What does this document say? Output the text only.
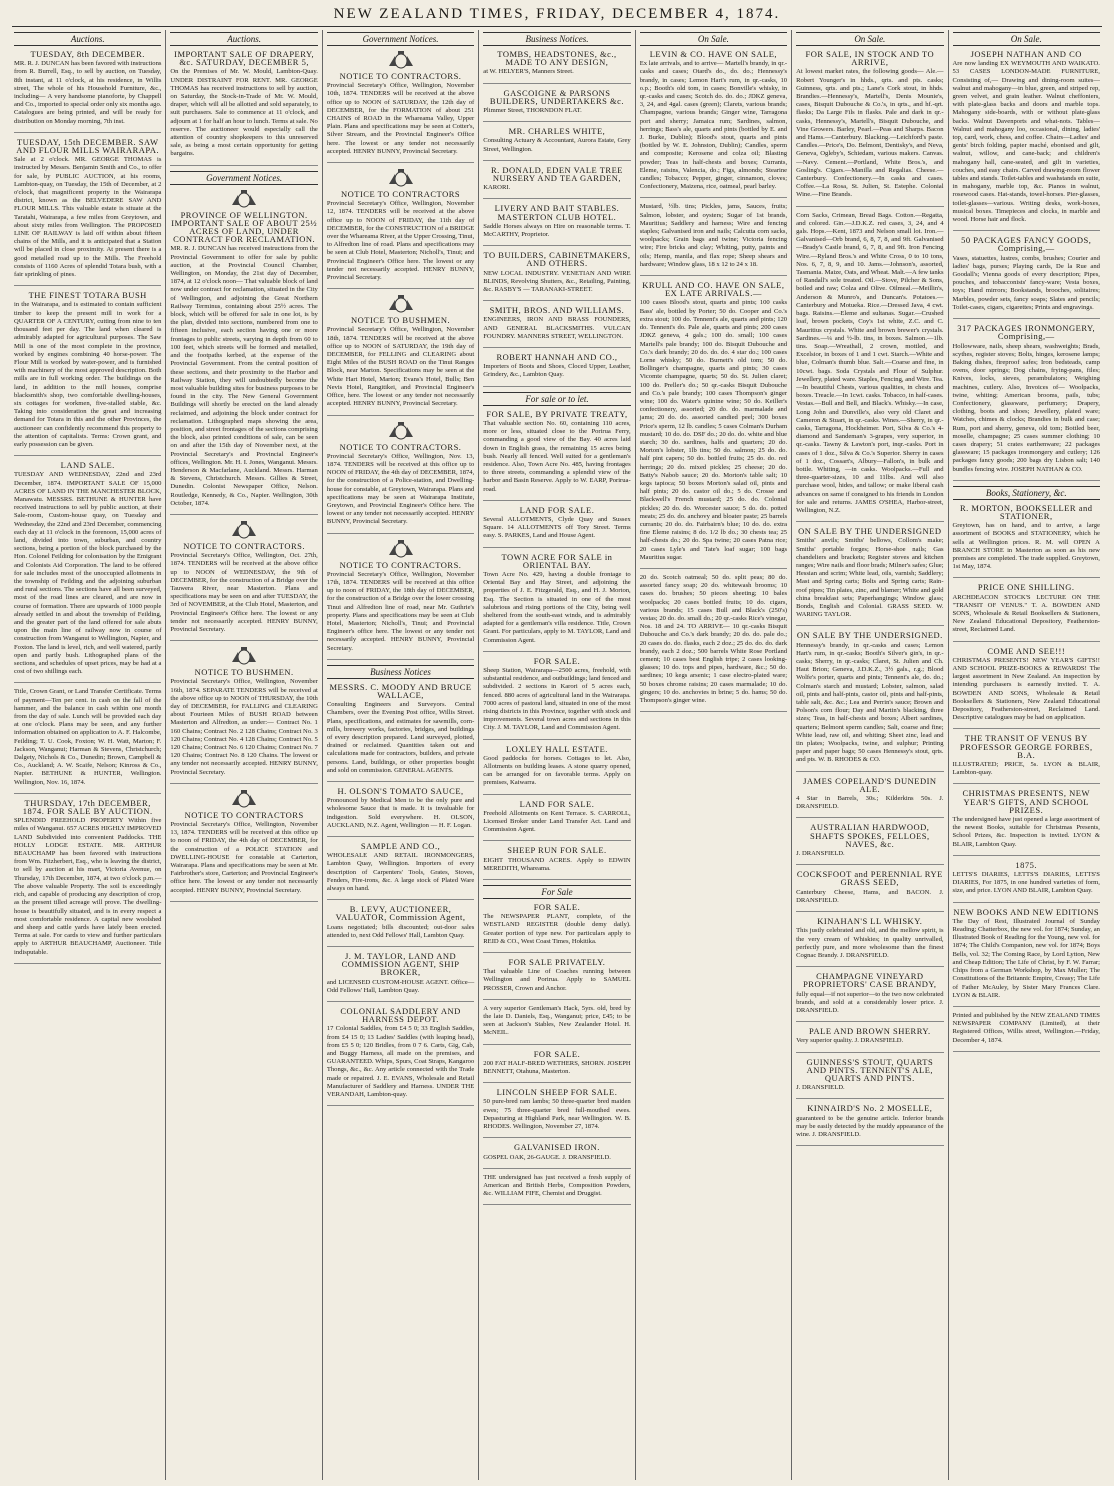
NEW ZEALAND TIMES, FRIDAY, DECEMBER 4, 1874.
Auctions.
TUESDAY, 8th DECEMBER.

MR. R. J. DUNCAN has been favored with instructions from R. Burrell, Esq., to sell by auction, on Tuesday, 8th instant, at 11 o'clock, at his residence, in Willis street, The whole of his Household Furniture, &c., including— A very handsome pianoforte, by Chappell and Co., imported to special order only six months ago. Catalogues are being printed, and will be ready for distribution on Monday morning, 7th inst.

TUESDAY, 15th DECEMBER. SAW AND FLOUR MILLS WAIRARAPA.

Sale at 2 o'clock. MR. GEORGE THOMAS is instructed by Messrs. Benjamin Smith and Co., to offer for sale, by PUBLIC AUCTION, at his rooms, Lambton-quay, on Tuesday, the 15th of December, at 2 o'clock, that magnificent property in the Wairarapa district, known as the BELVEDERE SAW AND FLOUR MILLS. This valuable estate is situate at the Taratahi, Wairarapa, a few miles from Greytown, and about sixty miles from Wellington. The PROPOSED LINE OF RAILWAY is laid off within about fifteen chains of the Mills, and it is anticipated that a Station will be placed in close proximity. At present there is a good metalled road up to the Mills. The Freehold consists of 1160 Acres of splendid Totara bush, with a fair sprinkling of pines.

THE FINEST TOTARA BUSH

in the Wairarapa, and is estimated to contain sufficient timber to keep the present mill in work for a QUARTER OF A CENTURY, cutting from nine to ten thousand feet per day. The land when cleared is admirably adapted for agricultural purposes. The Saw Mill is one of the most complete in the province, worked by engines combining 40 horse-power. The Flour Mill is worked by water-power, and is furnished with machinery of the most approved description. Both mills are in full working order. The buildings on the land, in addition to the mill houses, comprise blacksmith's shop, two comfortable dwelling-houses, six cottages for workmen, five-stalled stable, &c. Taking into consideration the great and increasing demand for Totara in this and the other Provinces, the auctioneer can confidently recommend this property to the attention of capitalists. Terms: Crown grant, and early possession can be given.

LAND SALE.

TUESDAY AND WEDNESDAY, 22nd and 23rd December, 1874. IMPORTANT SALE OF 15,000 ACRES OF LAND IN THE MANCHESTER BLOCK, Manawatu. MESSRS. BETHUNE & HUNTER have received instructions to sell by public auction, at their Sale-room, Custom-house quay, on Tuesday and Wednesday, the 22nd and 23rd December, commencing each day at 11 o'clock in the forenoon, 15,000 acres of land, divided into town, suburban, and country sections, being a portion of the block purchased by the Hon. Colonel Feilding for colonisation by the Emigrant and Colonists Aid Corporation. The land to be offered for sale includes most of the unoccupied allotments in the township of Feilding and the adjoining suburban and rural sections. The sections have all been surveyed, most of the road lines are cleared, and are now in course of formation. There are upwards of 1000 people already settled in and about the township of Feilding, and the greater part of the land offered for sale abuts upon the main line of railway now in course of construction from Wanganui to Wellington, Napier, and Foxton. The land is level, rich, and well watered, partly open and partly bush. Lithographed plans of the sections, and schedules of upset prices, may be had at a cost of two shillings each.

Title, Crown Grant, or Land Transfer Certificate. Terms of payment—Ten per cent. in cash on the fall of the hammer, and the balance in cash within one month from the day of sale. Lunch will be provided each day at one o'clock. Plans may be seen, and any further information obtained on application to A. F. Halcombe, Feilding; T. U. Cook, Foxton; W. H. Watt, Marton; F. Jackson, Wanganui; Harman & Stevens, Christchurch; Dalgety, Nichols & Co., Dunedin; Brown, Campbell & Co., Auckland; A. W. Scaife, Nelson; Kinross & Co., Napier. BETHUNE & HUNTER, Wellington. Wellington, Nov. 16, 1874.

THURSDAY, 17th DECEMBER, 1874. FOR SALE BY AUCTION.

SPLENDID FREEHOLD PROPERTY Within five miles of Wanganui. 657 ACRES HIGHLY IMPROVED LAND Subdivided into convenient Paddocks. THE HOLLY LODGE ESTATE. MR. ARTHUR BEAUCHAMP has been favored with instructions from Wm. Fitzherbert, Esq., who is leaving the district, to sell by auction at his mart, Victoria Avenue, on Thursday, 17th December, 1874, at two o'clock p.m.— The above valuable Property. The soil is exceedingly rich, and capable of producing any description of crop, as the present tilled acreage will prove. The dwelling-house is beautifully situated, and is in every respect a most comfortable residence. A capital new woolshed and sheep and cattle yards have lately been erected. Terms at sale. For cards to view and further particulars apply to ARTHUR BEAUCHAMP, Auctioneer. Title indisputable.

Auctions.
IMPORTANT SALE OF DRAPERY, &c. SATURDAY, DECEMBER 5,

On the Premises of Mr. W. Mould, Lambton-Quay. UNDER DISTRAINT FOR RENT. MR. GEORGE THOMAS has received instructions to sell by auction, on Saturday, the Stock-in-Trade of Mr. W. Mould, draper, which will all be allotted and sold separately, to suit purchasers. Sale to commence at 11 o'clock, and adjourn at 1 for half an hour to lunch. Terms at sale. No reserve. The auctioneer would especially call the attention of country shopkeepers to this unreserved sale, as being a most certain opportunity for getting bargains.

Government Notices.
PROVINCE OF WELLINGTON. IMPORTANT SALE OF ABOUT 25½ ACRES OF LAND, UNDER CONTRACT FOR RECLAMATION.

MR. R. J. DUNCAN has received instructions from the Provincial Government to offer for sale by public auction, at the Provincial Council Chamber, Wellington, on Monday, the 21st day of December, 1874, at 12 o'clock noon— That valuable block of land now under contract for reclamation, situated in the City of Wellington, and adjoining the Great Northern Railway Terminus, containing about 25½ acres. The block, which will be offered for sale in one lot, is by the plan, divided into sections, numbered from one to fifteen inclusive, each section having one or more frontages to public streets, varying in depth from 60 to 100 feet, which streets will be formed and metalled, and the footpaths kerbed, at the expense of the Provincial Government. From the central position of these sections, and their proximity to the Harbor and Railway Station, they will undoubtedly become the most valuable building sites for business purposes to be found in the city. The New General Government Buildings will shortly be erected on the land already reclaimed, and adjoining the block under contract for reclamation. Lithographed maps showing the area, position, and street frontages of the sections comprising the block, also printed conditions of sale, can be seen on and after the 15th day of November next, at the Provincial Secretary's and Provincial Engineer's offices, Wellington. Mr. H. I. Jones, Wanganui. Messrs. Henderson & Macfarlane, Auckland. Messrs. Harman & Stevens, Christchurch. Messrs. Gillies & Street, Dunedin. Colonist Newspaper Office, Nelson. Routledge, Kennedy, & Co., Napier. Wellington, 30th October, 1874.

NOTICE TO CONTRACTORS.

Provincial Secretary's Office, Wellington, Oct. 27th, 1874. TENDERS will be received at the above office up to NOON of WEDNESDAY, the 9th of DECEMBER, for the construction of a Bridge over the Tauwera River, near Masterton. Plans and specifications may be seen on and after TUESDAY, the 3rd of NOVEMBER, at the Club Hotel, Masterton, and Provincial Engineer's Office here. The lowest or any tender not necessarily accepted. HENRY BUNNY, Provincial Secretary.

NOTICE TO BUSHMEN.

Provincial Secretary's Office, Wellington, November 16th, 1874. SEPARATE TENDERS will be received at the above office up to NOON of THURSDAY, the 10th day of DECEMBER, for FALLING and CLEARING about Fourteen Miles of BUSH ROAD between Masterton and Alfredton, as under:— Contract No. 1 160 Chains; Contract No. 2 128 Chains; Contract No. 3 120 Chains; Contract No. 4 128 Chains; Contract No. 5 120 Chains; Contract No. 6 120 Chains; Contract No. 7 120 Chains; Contract No. 8 120 Chains. The lowest or any tender not necessarily accepted. HENRY BUNNY, Provincial Secretary.

NOTICE TO CONTRACTORS

Provincial Secretary's Office, Wellington, November 13, 1874. TENDERS will be received at this office up to noon of FRIDAY, the 4th day of DECEMBER, for the construction of a POLICE STATION and DWELLING-HOUSE for constable at Carterton, Wairarapa. Plans and specifications may be seen at Mr. Fairbrother's store, Carterton; and Provincial Engineer's office here. The lowest or any tender not necessarily accepted. HENRY BUNNY, Provincial Secretary.

Government Notices.
NOTICE TO CONTRACTORS.

Provincial Secretary's Office, Wellington, November 10th, 1874. TENDERS will be received at the above office up to NOON of SATURDAY, the 12th day of DECEMBER, for the FORMATION of about 251 CHAINS of ROAD in the Whareama Valley, Upper Plain. Plans and specifications may be seen at Cotter's, Silver Stream, and the Provincial Engineer's Office here. The lowest or any tender not necessarily accepted. HENRY BUNNY, Provincial Secretary.

NOTICE TO CONTRACTORS

Provincial Secretary's Office, Wellington, November 12, 1874. TENDERS will be received at the above office up to NOON of FRIDAY, the 11th day of DECEMBER, for the CONSTRUCTION of a BRIDGE over the Whareama River, at the Upper Crossing, Tinui, to Alfredton line of road. Plans and specifications may be seen at Club Hotel, Masterton; Nicholl's, Tinui; and Provincial Engineer's Office here. The lowest or any tender not necessarily accepted. HENRY BUNNY, Provincial Secretary.

NOTICE TO BUSHMEN.

Provincial Secretary's Office, Wellington, November 18th, 1874. TENDERS will be received at the above office up to NOON of SATURDAY, the 19th day of DECEMBER, for FELLING and CLEARING about Eight Miles of the BUSH ROAD on the Tinui Ranges Block, near Marton. Specifications may be seen at the White Hart Hotel, Marton; Evans's Hotel, Bulls; Ben Nevis Hotel, Rangitikei, and Provincial Engineer's Office, here. The lowest or any tender not necessarily accepted. HENRY BUNNY, Provincial Secretary.

NOTICE TO CONTRACTORS.

Provincial Secretary's Office, Wellington, Nov. 13, 1874. TENDERS will be received at this office up to NOON of FRIDAY, the 4th day of DECEMBER, 1874, for the construction of a Police-station, and Dwelling-house for constable, at Greytown, Wairarapa. Plans and specifications may be seen at Wairarapa Institute, Greytown, and Provincial Engineer's Office here. The lowest or any tender not necessarily accepted. HENRY BUNNY, Provincial Secretary.

NOTICE TO CONTRACTORS.

Provincial Secretary's Office, Wellington, November 17th, 1874. TENDERS will be received at this office up to noon of FRIDAY, the 18th day of DECEMBER, for the construction of a Bridge over the lower crossing Tinui and Alfredton line of road, near Mr. Guthrie's property. Plans and specifications may be seen at Club Hotel, Masterton; Nicholl's, Tinui; and Provincial Engineer's office here. The lowest or any tender not necessarily accepted. HENRY BUNNY, Provincial Secretary.

Business Notices
MESSRS. C. MOODY AND BRUCE WALLACE,

Consulting Engineers and Surveyors. Central Chambers, over the Evening Post office, Willis Street. Plans, specifications, and estimates for sawmills, corn-mills, brewery works, factories, bridges, and buildings of every description prepared. Land surveyed, plotted, drained or reclaimed. Quantities taken out and calculations made for contractors, builders, and private persons. Land, buildings, or other properties bought and sold on commission. GENERAL AGENTS.

H. OLSON'S TOMATO SAUCE,

Pronounced by Medical Men to be the only pure and wholesome Sauce that is made. It is invaluable for indigestion. Sold everywhere. H. OLSON, AUCKLAND, N.Z. Agent, Wellington — H. F. Logan.

SAMPLE AND CO.,

WHOLESALE AND RETAIL IRONMONGERS, Lambton Quay, Wellington. Importers of every description of Carpenters' Tools, Grates, Stoves, Fenders, Fire-irons, &c. A large stock of Plated Ware always on hand.

B. LEVY, AUCTIONEER, VALUATOR, Commission Agent,

Loans negotiated; bills discounted; out-door sales attended to, next Odd Fellows' Hall, Lambton Quay.

J. M. TAYLOR, LAND AND COMMISSION AGENT, SHIP BROKER,

and LICENSED CUSTOM-HOUSE AGENT. Office—Odd Fellows' Hall, Lambton Quay.

COLONIAL SADDLERY AND HARNESS DEPOT.

17 Colonial Saddles, from £4 5 0; 33 English Saddles, from £4 15 0; 13 Ladies' Saddles (with leaping head), from £5 5 0; 120 Bridles, from 0 7 6. Carts, Gig, Cab, and Buggy Harness, all made on the premises, and GUARANTEED. Whips, Spurs, Coat Straps, Kangaroo Thongs, &c., &c. Any article connected with the Trade made or repaired. J. E. EVANS, Wholesale and Retail Manufacturer of Saddlery and Harness. UNDER THE VERANDAH, Lambton-quay.

Business Notices.
TOMBS, HEADSTONES, &c., MADE TO ANY DESIGN,

at W. HELYER'S, Manners Street.

GASCOIGNE & PARSONS BUILDERS, UNDERTAKERS &c.

Plimmer Street, THORNDON FLAT.

MR. CHARLES WHITE,

Consulting Actuary & Accountant, Aurora Estate, Grey Street, Wellington.

R. DONALD, EDEN VALE TREE NURSERY AND TEA GARDEN,

KARORI.

LIVERY AND BAIT STABLES. MASTERTON CLUB HOTEL.

Saddle Horses always on Hire on reasonable terms. T. McCARTHY, Proprietor.

TO BUILDERS, CABINETMAKERS, AND OTHERS.

NEW LOCAL INDUSTRY. VENETIAN AND WIRE BLINDS, Revolving Shutters, &c., Retailing, Painting, &c. RASBY'S — TARANAKI-STREET.

SMITH, BROS. AND WILLIAMS.

ENGINEERS, IRON AND BRASS FOUNDERS, AND GENERAL BLACKSMITHS. VULCAN FOUNDRY. MANNERS STREET, WELLINGTON.

ROBERT HANNAH AND CO.,

Importers of Boots and Shoes, Cloced Upper, Leather, Grindery, &c., Lambton Quay.

For sale or to let.
FOR SALE, BY PRIVATE TREATY,

That valuable section No. 60, containing 110 acres, more or less, situated close to the Porirua Ferry, commanding a good view of the Bay. 40 acres laid down in English grass, the remaining 15 acres being bush. Nearly all fenced. Well suited for a gentleman's residence. Also, Town Acre No. 485, having frontages to three streets, commanding a splendid view of the harbor and Basin Reserve. Apply to W. EARP, Porirua-road.

LAND FOR SALE.

Several ALLOTMENTS, Clyde Quay and Sussex Square. 14 ALLOTMENTS off Tory Street. Terms easy. S. PARKES, Land and House Agent.

TOWN ACRE FOR SALE in ORIENTAL BAY.

Town Acre No. 429, having a double frontage to Oriental Bay and Hay Street, and adjoining the properties of J. E. Fitzgerald, Esq., and H. J. Morton, Esq. The Section is situated in one of the most salubrious and rising portions of the City, being well sheltered from the south-east winds, and is admirably adapted for a gentleman's villa residence. Title, Crown Grant. For particulars, apply to M. TAYLOR, Land and Commission Agent.

FOR SALE.

Sheep Station, Wairarapa—2500 acres, freehold, with substantial residence, and outbuildings; land fenced and subdivided. 2 sections in Karori of 5 acres each, fenced. 880 acres of agricultural land in the Wairarapa. 7000 acres of pastoral land, situated in one of the most rising districts in this Province, together with stock and improvements. Several town acres and sections in this City. J. M. TAYLOR, Land and Commission Agent.

LOXLEY HALL ESTATE.

Good paddocks for horses. Cottages to let. Also, Allotments on building leases. A stone quarry opened, can be arranged for on favorable terms. Apply on premises, Kaiwarra.

LAND FOR SALE.

Freehold Allotments on Kent Terrace. S. CARROLL, Licensed Broker under Land Transfer Act. Land and Commission Agent.

SHEEP RUN FOR SALE.

EIGHT THOUSAND ACRES. Apply to EDWIN MEREDITH, Whareama.

For Sale
FOR SALE.

The NEWSPAPER PLANT, complete, of the WESTLAND REGISTER (double demy daily). Greater portion of type new. For particulars apply to REID & CO., West Coast Times, Hokitika.

FOR SALE PRIVATELY.

That valuable Line of Coaches running between Wellington and Porirua. Apply to SAMUEL PROSSER, Crown and Anchor.

A very superior Gentleman's Hack, 5yrs. old, bred by the late D. Daniels, Esq., Wanganui; price, £45; to be seen at Jackson's Stables, New Zealander Hotel. H. McNEIL.

FOR SALE.

200 FAT HALF-BRED WETHERS, SHORN. JOSEPH BENNETT, Otahuna, Masterton.

LINCOLN SHEEP FOR SALE.

50 pure-bred ram lambs; 50 three-quarter bred maiden ewes; 75 three-quarter bred full-mouthed ewes. Depasturing at Highland Park, near Wellington. W. B. RHODES. Wellington, November 27, 1874.

GALVANISED IRON.

GOSPEL OAK, 26-GAUGE. J. DRANSFIELD.

THE undersigned has just received a fresh supply of American and British Herbs, Composition Powders, &c. WILLIAM FIFE, Chemist and Druggist.

On Sale.
LEVIN & CO. HAVE ON SALE,

Ex late arrivals, and to arrive— Martell's brandy, in qr.-casks and cases; Otard's do., do. do.; Hennessy's brandy, in cases; Lemon Hart's rum, in qr.-casks, 10 o.p.; Booth's old tom, in cases; Bonville's whisky, in qr.-casks and cases; Scotch do. do. do.; JDKZ geneva, 3, 24, and 4gal. cases (green); Clarets, various brands; Champagne, various brands; Ginger wine, Tarragona port and sherry; Jamaica rum; Sardines, salmon, herrings; Bass's ale, quarts and pints (bottled by E. and J. Burke, Dublin); Blood's stout, quarts and pints (bottled by W. E. Johnston, Dublin); Candles, sperm and composite; Kerosene and colza oil; Blasting powder; Teas in half-chests and boxes; Currants, Eleme, raisins, Valencia, do.; Figs, almonds; Stearine candles; Tobacco; Pepper, ginger, cinnamon, cloves; Confectionery, Maizena, rice, oatmeal, pearl barley.

Mustard, ½lb. tins; Pickles, jams, Sauces, fruits; Salmon, lobster, and oysters; Sugar of 1st brands, Mauritius; Saddlery and harness; Wire and fencing staples; Galvanised iron and nails; Calcutta corn sacks, woolpacks; Grain bags and twine; Victoria fencing wire; Fire bricks and clay; Whiting, putty, paints and oils; Hemp, manila, and flax rope; Sheep shears and hardware; Window glass, 18 x 12 to 24 x 18.

KRULL AND CO. HAVE ON SALE, EX LATE ARRIVALS.—

100 cases Blood's stout, quarts and pints; 100 casks Bass' ale, bottled by Porter; 50 do. Cooper and Co.'s extra stout; 100 do. Tennent's ale, quarts and pints; 120 do. Tennent's do. Pale ale, quarts and pints; 200 cases JDKZ geneva, 4 gals.; 100 do. small; 100 cases Martell's pale brandy; 100 do. Bisquit Dubouche and Co.'s dark brandy; 20 do. do. do. 4 star do.; 100 cases Lorne whisky; 50 do. Burnett's old tom; 50 do. Bollinger's champagne, quarts and pints; 30 cases Vicomte champagne, quarts; 50 do. St. Julien claret; 100 do. Preller's do.; 50 qr.-casks Bisquit Dubouche and Co.'s pale brandy; 100 cases Thompson's ginger wine; 100 do. Water's quinine wine; 50 do. Keiller's confectionery, assorted; 20 do. do. marmalade and jams; 20 do. do. assorted candied peel; 300 boxes Price's sperm, 12 lb. candles; 5 cases Colman's Durham mustard; 10 do. do. DSF do.; 20 do. do. white and blue starch; 30 do. sardines, halfs and quarters; 20 do. Morton's lobster, 1lb tins; 50 do. salmon; 25 do. do. half pint capers; 50 do. bottled fruits; 25 do. do. red herrings; 20 do. mixed pickles; 25 cheese; 20 do. Batty's Nabob sauce; 20 do. Morton's table salt; 10 kegs tapioca; 50 boxes Morton's salad oil, pints and half pints; 20 do. castor oil do.; 5 do. Crosse and Blackwell's French mustard; 25 do. do. Colonial pickles; 20 do. do. Worcester sauce; 5 do. do. potted meats; 25 do. do. anchovy and bloater paste; 25 barrels currants; 20 do. do. Fairbairn's blue; 10 do. do. extra fine Eleme raisins; 8 do. 1/2 lb do.; 30 chests tea; 25 half-chests do.; 20 do. Spa twine; 20 cases Patna rice; 20 cases Lyle's and Tate's loaf sugar; 100 bags Mauritius sugar.

20 do. Scotch oatmeal; 50 do. split peas; 80 do. assorted fancy soap; 20 do. whitewash brooms; 10 cases do. brushes; 50 pieces sheeting; 10 bales woolpacks; 20 cases bottled fruits; 10 do. cigars, various brands; 15 cases Bull and Black's (250's) vestas; 20 do. do. small do.; 20 qr.-casks Rice's vinegar, Nos. 18 and 24. TO ARRIVE— 10 qr.-casks Bisquit Dubouche and Co.'s dark brandy; 20 do. do. pale do.; 20 cases do. do. flasks, each 2 doz.; 25 do. do. do. dark brandy, each 2 doz.; 500 barrels White Rose Portland cement; 10 cases best English tripe; 2 cases looking-glasses; 10 do. tops and pipes, hardware, &c.; 50 do. sardines; 10 kegs arsenic; 1 case electro-plated ware; 50 boxes chrome raisins; 20 cases marmalade; 10 do. gingers; 10 do. anchovies in brine; 5 do. hams; 50 do. Thompson's ginger wine.

On Sale.
FOR SALE, IN STOCK AND TO ARRIVE,

At lowest market rates, the following goods— Ale.—Robert Younger's in hhds., qrts. and pts. casks; Guinness, qrts. and pts.; Lane's Cork stout, in hhds. Brandies.—Hennessy's, Martell's, Denis Mounie's, cases, Bisquit Dubouche & Co.'s, in qrts., and hf.-qrt. flasks; Da Large Fils in flasks. Pale and dark in qr.-casks, Hennessy's, Martell's, Bisquit Dubouche, and Vine Growers. Barley, Pearl.—Peas and Sharps. Bacon and Hams.—Canterbury. Blacking.—Leichford's paste. Candles.—Price's, Do. Belmont, Dentisky's, and Neva, Geneva, Ogleby's, Schiedam, various makers. Canvas.—Navy. Cement.—Portland, White Bros.'s, and Gosling's. Cigars.—Manilla and Regalias. Cheese.—Canterbury. Confectionery.—In casks and cases. Coffee.—La Rosa, St. Julien, St. Estephe. Colonial Wine.—Fine Brands.

Corn Sacks, Crimean, Bread Bags. Cotton.—Regatta, and colored. Gin.—J.D.K.Z. red cases, 3, 24, and 4 gals. Hops.—Kent, 1873 and Nelson small lot. Iron.—Galvanised—Orb brand, 6, 8, 7, 8, and 9ft. Galvanised—Brady's Castle brand, 6, 7, 8, and 9ft. Iron Fencing Wire.—Ryland Bros.'s and White Cross, 0 to 10 tons, Nos. 6, 7, 8, 9, and 10. Jams.—Johnson's, assorted, Tasmania. Maize, Oats, and Wheat. Malt.—A few tanks of Randall's sole treated. Oil.—Stove, Pilcher & Sons, boiled and raw; Colza and Olive. Oilmeal.—Meillin's, Anderson & Munro's, and Duncan's. Potatoes.—Canterbury and Motueka. Rice.—Dressed Java, 4 cwt. bags. Raisins.—Eleme and sultanas. Sugar.—Crushed loaf, brown pockets, Coy's 1st white, Z.C. and C. Mauritius crystals. White and brown brewer's crystals. Sardines.—¼ and ½-lb. tins, in boxes. Salmon.—1lb. tins. Soap.—Wreathall, 2 crown, mottled, and Excelsior, in boxes of 1 and 1 cwt. Starch.—White and blue, Colman's thumb blue. Salt.—Coarse and fine, in 10cwt. bags. Soda Crystals and Flour of Sulphur. Jewellery, plated ware. Staples, Fencing, and Wire. Tea.—In beautiful Chests, various qualities, in chests and boxes. Treacle.—In 1cwt. casks. Tobacco, in half-cases. Vestas.—Bull and Bell, and Black's. Whisky.—In case, Long John and Dunville's, also very old Claret and Cameron & Stuart, in qr.-casks. Wines.—Sherry, in qr.-casks, Tarragona, Hockheimer. Port, Silva & Co.'s 4-diamond and Sandeman's 3-grapes, very superior, in qr.-casks. Tawny & Lawton's port, inqr.-casks. Port in cases of 1 doz., Silva & Co.'s Superior. Sherry in cases of 1 doz., Cossart's, Albury—Fallon's, in bulk and bottle. Whiting, —in casks. Woolpacks.—Full and three-quarter-sizes, 10 and 11lbs. And will also purchase wool, hides, and tallow; or make liberal cash advances on same if consigned to his friends in London for sale and returns. JAMES O'SHEA, Harbor-street, Wellington, N.Z.

ON SALE BY THE UNDERSIGNED

Smiths' anvils; Smiths' bellows, Collom's make; Smiths' portable forges; Horse-shoe nails; Gas chandeliers and brackets; Register stoves and kitchen ranges; Wire nails and floor brads; Milner's safes; Glue; Hessian and scrim; White lead, oils, varnish; Saddlery; Mast and Spring carts; Bolts and Spring carts; Rain-roof pipes; Tin plates, zinc, and blamer; White and gold china breakfast sets; Paperhangings; Window glass; Bonds, English and Colonial. GRASS SEED. W. WARING TAYLOR.

ON SALE BY THE UNDERSIGNED.

Hennessy's brandy, in qr.-casks and cases; Lemon Hart's rum, in qr.-casks; Booth's Silver's gin's, in qr.-casks; Sherry, in qr.-casks; Claret, St. Julien and Ch. Haut Brion; Geneva, J.D.K.Z., 3½ gals., r.g.; Blood Wolfe's porter, quarts and pints; Tennent's ale, do. do.; Colman's starch and mustard; Lobster, salmon, salad oil, pints and half-pints, castor oil, pints and half-pints, table salt, &c. &c.; Lea and Perrin's sauce; Brown and Polson's corn flour; Day and Martin's blacking, three sizes; Teas, in half-chests and boxes; Albert sardines, quarters; Belmont sperm candles; Salt, coarse and fine; White lead, raw oil, and whiting; Sheet zinc, lead and tin plates; Woolpacks, twine, and sulphur; Printing paper and paper bags; 50 cases Hennessy's stout, qrts. and pts. W. B. RHODES & CO.

JAMES COPELAND'S DUNEDIN ALE.

4 Star in Barrels, 30s.; Kilderkins 50s. J. DRANSFIELD.

AUSTRALIAN HARDWOOD, SHAFTS SPOKES, FELLOES, NAVES, &c.

J. DRANSFIELD.

COCKSFOOT and PERENNIAL RYE GRASS SEED,

Canterbury Cheese, Hams, and BACON. J. DRANSFIELD.

KINAHAN'S LL WHISKY.

This justly celebrated and old, and the mellow spirit, is the very cream of Whiskies; in quality unrivalled, perfectly pure, and more wholesome than the finest Cognac Brandy. J. DRANSFIELD.

CHAMPAGNE VINEYARD PROPRIETORS' CASE BRANDY,

fully equal—if not superior—to the two now celebrated brands, and sold at a considerably lower price. J. DRANSFIELD.

PALE AND BROWN SHERRY.

Very superior quality. J. DRANSFIELD.

GUINNESS'S STOUT, QUARTS AND PINTS. TENNENT'S ALE, QUARTS AND PINTS.

J. DRANSFIELD.

KINNAIRD'S No. 2 MOSELLE,

guaranteed to be the genuine article. Inferior brands may be easily detected by the muddy appearance of the wine. J. DRANSFIELD.

On Sale.
JOSEPH NATHAN AND CO

Are now landing EX WEYMOUTH AND WAIKATO. 53 CASES LONDON-MADE FURNITURE, Consisting of,— Drawing and dining-room suites—walnut and mahogany—in blue, green, and striped rep, green velvet, and grain leather. Walnut cheffoniers, with plate-glass backs and doors and marble tops. Mahogany side-boards, with or without plate-glass backs. Walnut Davenports and what-nots. Tables—Walnut and mahogany loo, occasional, dining, ladies' top, card, work, chess, and coffee. Chairs—Ladies' and gents' birch folding, papier maché, ebonised and gilt, walnut, willow, and cane-back; and children's mahogany hall, cane-seated, and gilt in varieties, couches, and easy chairs. Carved drawing-room flower tables and stands. Toilet-tables and washstands en suite, in mahogany, marble top, &c. Pianos in walnut, rosewood cases. Hat-stands, towel-horses. Pier-glasses, toilet-glasses—various. Writing desks, work-boxes, musical boxes. Timepieces and clocks, in marble and wood. Horse hair and flock.

50 PACKAGES FANCY GOODS, Comprising,—

Vases, statuettes, lustres, combs, brushes; Courier and ladies' bags, purses; Playing cards, De la Rue and Goodall's; Vienna goods of every description; Pipes, pouches, and tobacconists' fancy-ware; Vesta boxes, toys; Hand mirrors; Bookstands, brooches, solitaires; Marbles, powder sets, fancy soaps; Slates and pencils; Toilet-cases, cigars, cigarettes; Prints and engravings.

317 PACKAGES IRONMONGERY, Comprising,—

Hollowware, nails, sheep shears, washweights; Brads, scythes, register stoves; Bolts, hinges, kerosene lamps; Baking dishes, fireproof safes; Iron bedsteads, camp ovens, door springs; Dog chains, frying-pans, files; Knives, locks, sieves, perambulators; Weighing machines, cutlery. Also, Invoices of— Woolpacks, twine, whiting; American brooms, pails, tubs; Confectionery, glassware, perfumery; Drapery, clothing, boots and shoes; Jewellery, plated ware; Watches, chimes & clocks; Brandies in bulk and case; Rum, port and sherry, geneva, old tom; Bottled beer, moselle, champagne; 25 cases summer clothing; 10 cases drapery; 51 crates earthenware; 22 packages glassware; 15 packages ironmongery and cutlery; 126 packages fancy goods; 200 bags dry Lisbon salt; 140 bundles fencing wire. JOSEPH NATHAN & CO.

Books, Stationery, &c.
R. MORTON, BOOKSELLER and STATIONER,

Greytown, has on hand, and to arrive, a large assortment of BOOKS and STATIONERY, which he sells at Wellington prices. R. M. will OPEN A BRANCH STORE in Masterton as soon as his new premises are completed. The trade supplied. Greytown, 1st May, 1874.

PRICE ONE SHILLING.

ARCHDEACON STOCK'S LECTURE ON THE "TRANSIT OF VENUS." T. A. BOWDEN AND SONS, Wholesale & Retail Booksellers & Stationers, New Zealand Educational Depository, Featherston-street, Reclaimed Land.

COME AND SEE!!!

CHRISTMAS PRESENTS! NEW YEAR'S GIFTS!! AND SCHOOL PRIZE-BOOKS & REWARDS! The largest assortment in New Zealand. An inspection by intending purchasers is earnestly invited. T. A. BOWDEN AND SONS, Wholesale & Retail Booksellers & Stationers, New Zealand Educational Depository, Featherston-street, Reclaimed Land. Descriptive catalogues may be had on application.

THE TRANSIT OF VENUS BY PROFESSOR GEORGE FORBES, B.A.

ILLUSTRATED; PRICE, 5s. LYON & BLAIR, Lambton-quay.

CHRISTMAS PRESENTS, NEW YEAR'S GIFTS, AND SCHOOL PRIZES.

The undersigned have just opened a large assortment of the newest Books, suitable for Christmas Presents, School Prizes, &c. Inspection is invited. LYON & BLAIR, Lambton Quay.

1875.

LETTS'S DIARIES, LETTS'S DIARIES, LETTS'S DIARIES, For 1875, in one hundred varieties of form, size, and price. LYON AND BLAIR, Lambton Quay.

NEW BOOKS AND NEW EDITIONS

The Day of Rest, Illustrated Journal of Sunday Reading; Chatterbox, the new vol. for 1874; Sunday, an Illustrated Book of Reading for the Young, new vol. for 1874; The Child's Companion, new vol. for 1874; Boys Bells, vol. 32; The Coming Race, by Lord Lytton, New and Cheap Edition; The Life of Christ, by F. W. Farrar; Chips from a German Workshop, by Max Muller; The Constitutions of the Britannic Empire, Creasy; The Life of Father McAuley, by Sister Mary Frances Clare. LYON & BLAIR.

Printed and published by the NEW ZEALAND TIMES NEWSPAPER COMPANY (Limited), at their Registered Offices, Willis street, Wellington.—Friday, December 4, 1874.
